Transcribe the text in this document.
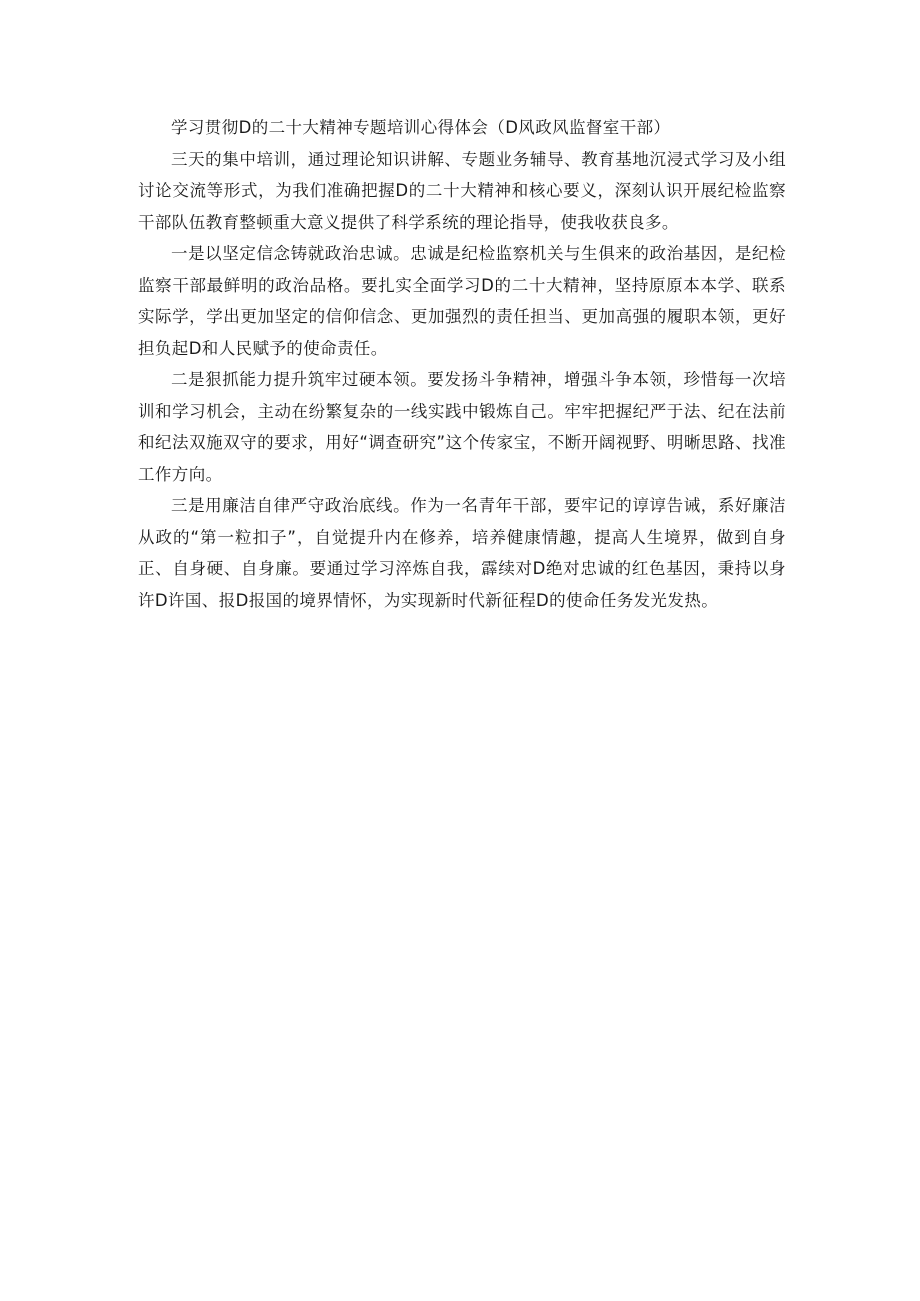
学习贯彻D的二十大精神专题培训心得体会（D风政风监督室干部）

三天的集中培训，通过理论知识讲解、专题业务辅导、教育基地沉浸式学习及小组讨论交流等形式，为我们准确把握D的二十大精神和核心要义，深刻认识开展纪检监察干部队伍教育整顿重大意义提供了科学系统的理论指导，使我收获良多。

一是以坚定信念铸就政治忠诚。忠诚是纪检监察机关与生俱来的政治基因，是纪检监察干部最鲜明的政治品格。要扎实全面学习D的二十大精神，坚持原原本本学、联系实际学，学出更加坚定的信仰信念、更加强烈的责任担当、更加高强的履职本领，更好担负起D和人民赋予的使命责任。

二是狠抓能力提升筑牢过硬本领。要发扬斗争精神，增强斗争本领，珍惜每一次培训和学习机会，主动在纷繁复杂的一线实践中锻炼自己。牢牢把握纪严于法、纪在法前和纪法双施双守的要求，用好“调查研究”这个传家宝，不断开阔视野、明晰思路、找准工作方向。

三是用廉洁自律严守政治底线。作为一名青年干部，要牢记的谆谆告诫，系好廉洁从政的“第一粒扣子”，自觉提升内在修养，培养健康情趣，提高人生境界，做到自身正、自身硬、自身廉。要通过学习淬炼自我，霹续对D绝对忠诚的红色基因，秉持以身许D许国、报D报国的境界情怀，为实现新时代新征程D的使命任务发光发热。
